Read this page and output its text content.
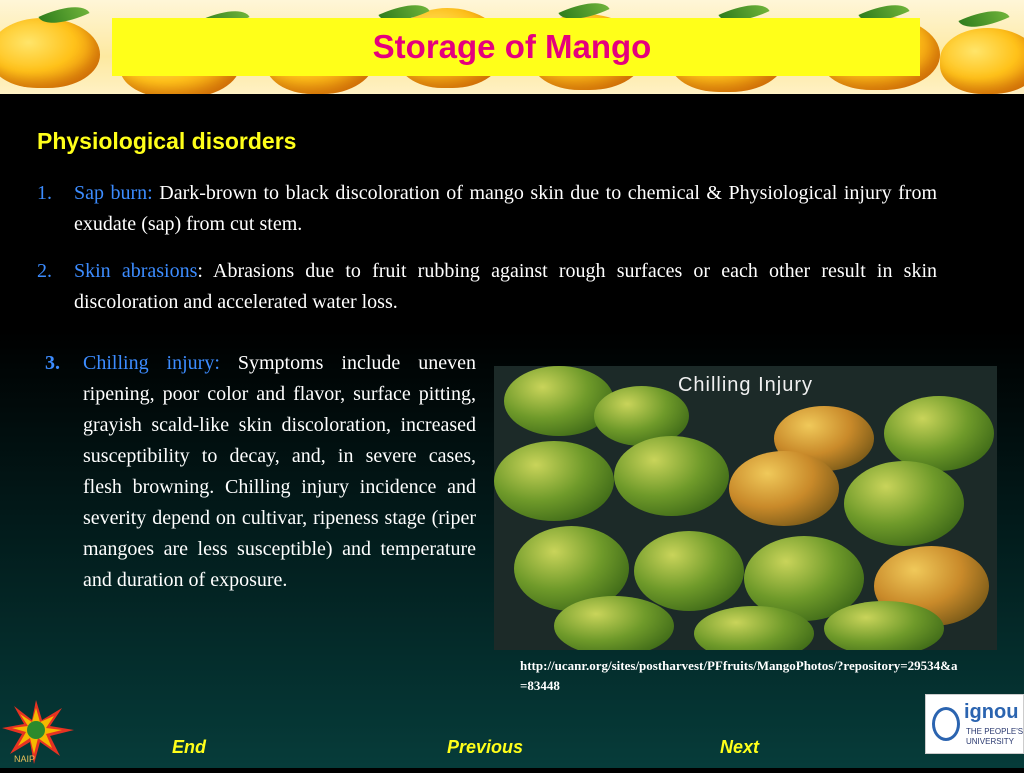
Storage of Mango
Physiological disorders
1. Sap burn: Dark-brown to black discoloration of mango skin due to chemical & Physiological injury from exudate (sap) from cut stem.
2. Skin abrasions: Abrasions due to fruit rubbing against rough surfaces or each other result in skin discoloration and accelerated water loss.
3. Chilling injury: Symptoms include uneven ripening, poor color and flavor, surface pitting, grayish scald-like skin discoloration, increased susceptibility to decay, and, in severe cases, flesh browning. Chilling injury incidence and severity depend on cultivar, ripeness stage (riper mangoes are less susceptible) and temperature and duration of exposure.
Chilling Injury
http://ucanr.org/sites/postharvest/PFfruits/MangoPhotos/?repository=29534&a=83448
NAIP
End	Previous	Next
ignou
THE PEOPLE'S UNIVERSITY
